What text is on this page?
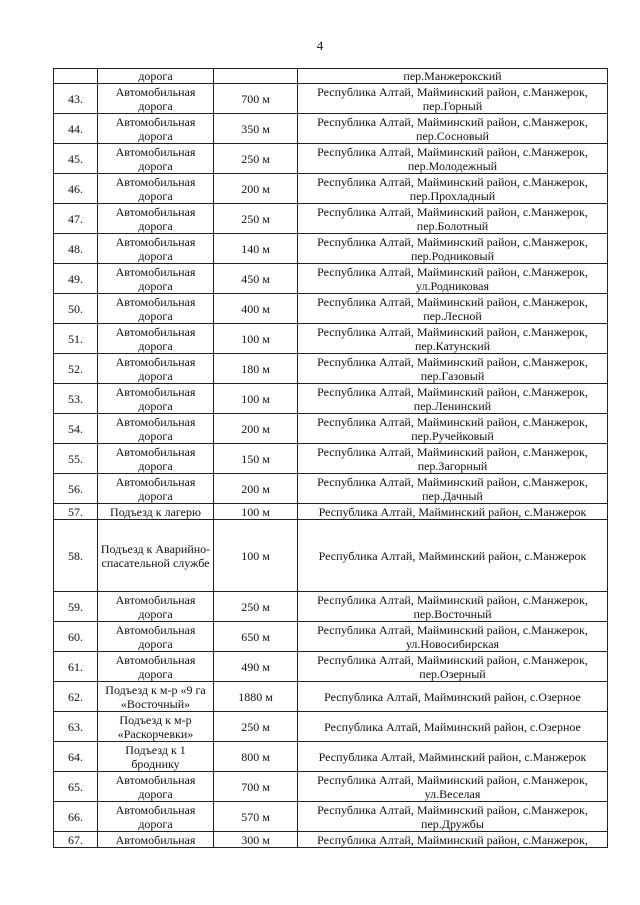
4
	дорога		пер.Манжерокский
43.	Автомобильная дорога	700 м	Республика Алтай, Майминский район, с.Манжерок, пер.Горный
44.	Автомобильная дорога	350 м	Республика Алтай, Майминский район, с.Манжерок, пер.Сосновый
45.	Автомобильная дорога	250 м	Республика Алтай, Майминский район, с.Манжерок, пер.Молодежный
46.	Автомобильная дорога	200 м	Республика Алтай, Майминский район, с.Манжерок, пер.Прохладный
47.	Автомобильная дорога	250 м	Республика Алтай, Майминский район, с.Манжерок, пер.Болотный
48.	Автомобильная дорога	140 м	Республика Алтай, Майминский район, с.Манжерок, пер.Родниковый
49.	Автомобильная дорога	450 м	Республика Алтай, Майминский район, с.Манжерок, ул.Родниковая
50.	Автомобильная дорога	400 м	Республика Алтай, Майминский район, с.Манжерок, пер.Лесной
51.	Автомобильная дорога	100 м	Республика Алтай, Майминский район, с.Манжерок, пер.Катунский
52.	Автомобильная дорога	180 м	Республика Алтай, Майминский район, с.Манжерок, пер.Газовый
53.	Автомобильная дорога	100 м	Республика Алтай, Майминский район, с.Манжерок, пер.Ленинский
54.	Автомобильная дорога	200 м	Республика Алтай, Майминский район, с.Манжерок, пер.Ручейковый
55.	Автомобильная дорога	150 м	Республика Алтай, Майминский район, с.Манжерок, пер.Загорный
56.	Автомобильная дорога	200 м	Республика Алтай, Майминский район, с.Манжерок, пер.Дачный
57.	Подъезд к лагерю	100 м	Республика Алтай, Майминский район, с.Манжерок
58.	Подъезд к Аварийно-спасательной службе	100 м	Республика Алтай, Майминский район, с.Манжерок
59.	Автомобильная дорога	250 м	Республика Алтай, Майминский район, с.Манжерок, пер.Восточный
60.	Автомобильная дорога	650 м	Республика Алтай, Майминский район, с.Манжерок, ул.Новосибирская
61.	Автомобильная дорога	490 м	Республика Алтай, Майминский район, с.Манжерок, пер.Озерный
62.	Подъезд к м-р «9 га «Восточный»	1880 м	Республика Алтай, Майминский район, с.Озерное
63.	Подъезд к м-р «Раскорчевки»	250 м	Республика Алтай, Майминский район, с.Озерное
64.	Подъезд к 1 броднику	800 м	Республика Алтай, Майминский район, с.Манжерок
65.	Автомобильная дорога	700 м	Республика Алтай, Майминский район, с.Манжерок, ул.Веселая
66.	Автомобильная дорога	570 м	Республика Алтай, Майминский район, с.Манжерок, пер.Дружбы
67.	Автомобильная	300 м	Республика Алтай, Майминский район, с.Манжерок,
